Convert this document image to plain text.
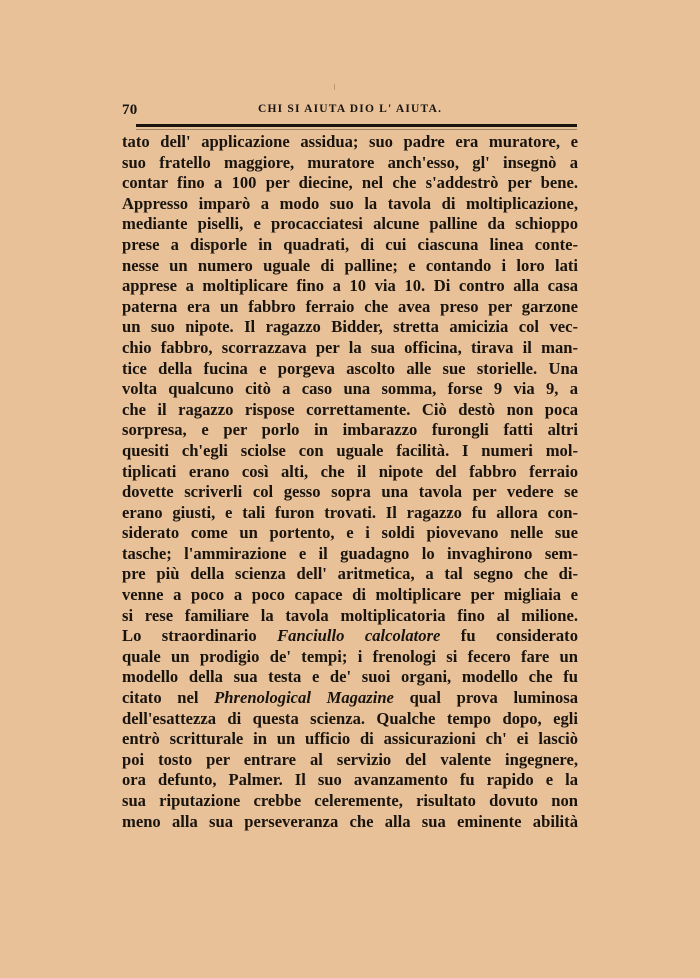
70	CHI SI AIUTA DIO L' AIUTA.
tato dell' applicazione assidua; suo padre era muratore, e
suo fratello maggiore, muratore anch'esso, gl' insegnò a
contar fino a 100 per diecine, nel che s'addestrò per bene.
Appresso imparò a modo suo la tavola di moltiplicazione,
mediante piselli, e procacciatesi alcune palline da schioppo
prese a disporle in quadrati, di cui ciascuna linea conte-
nesse un numero uguale di palline; e contando i loro lati
apprese a moltiplicare fino a 10 via 10. Di contro alla casa
paterna era un fabbro ferraio che avea preso per garzone
un suo nipote. Il ragazzo Bidder, stretta amicizia col vec-
chio fabbro, scorrazzava per la sua officina, tirava il man-
tice della fucina e porgeva ascolto alle sue storielle. Una
volta qualcuno citò a caso una somma, forse 9 via 9, a
che il ragazzo rispose correttamente. Ciò destò non poca
sorpresa, e per porlo in imbarazzo furongli fatti altri
quesiti ch'egli sciolse con uguale facilità. I numeri mol-
tiplicati erano così alti, che il nipote del fabbro ferraio
dovette scriverli col gesso sopra una tavola per vedere se
erano giusti, e tali furon trovati. Il ragazzo fu allora con-
siderato come un portento, e i soldi piovevano nelle sue
tasche; l'ammirazione e il guadagno lo invaghirono sem-
pre più della scienza dell' aritmetica, a tal segno che di-
venne a poco a poco capace di moltiplicare per migliaia e
si rese familiare la tavola moltiplicatoria fino al milione.
Lo straordinario Fanciullo calcolatore fu considerato
quale un prodigio de' tempi; i frenologi si fecero fare un
modello della sua testa e de' suoi organi, modello che fu
citato nel Phrenological Magazine qual prova luminosa
dell'esattezza di questa scienza. Qualche tempo dopo, egli
entrò scritturale in un ufficio di assicurazioni ch' ei lasciò
poi tosto per entrare al servizio del valente ingegnere,
ora defunto, Palmer. Il suo avanzamento fu rapido e la
sua riputazione crebbe celeremente, risultato dovuto non
meno alla sua perseveranza che alla sua eminente abilità
